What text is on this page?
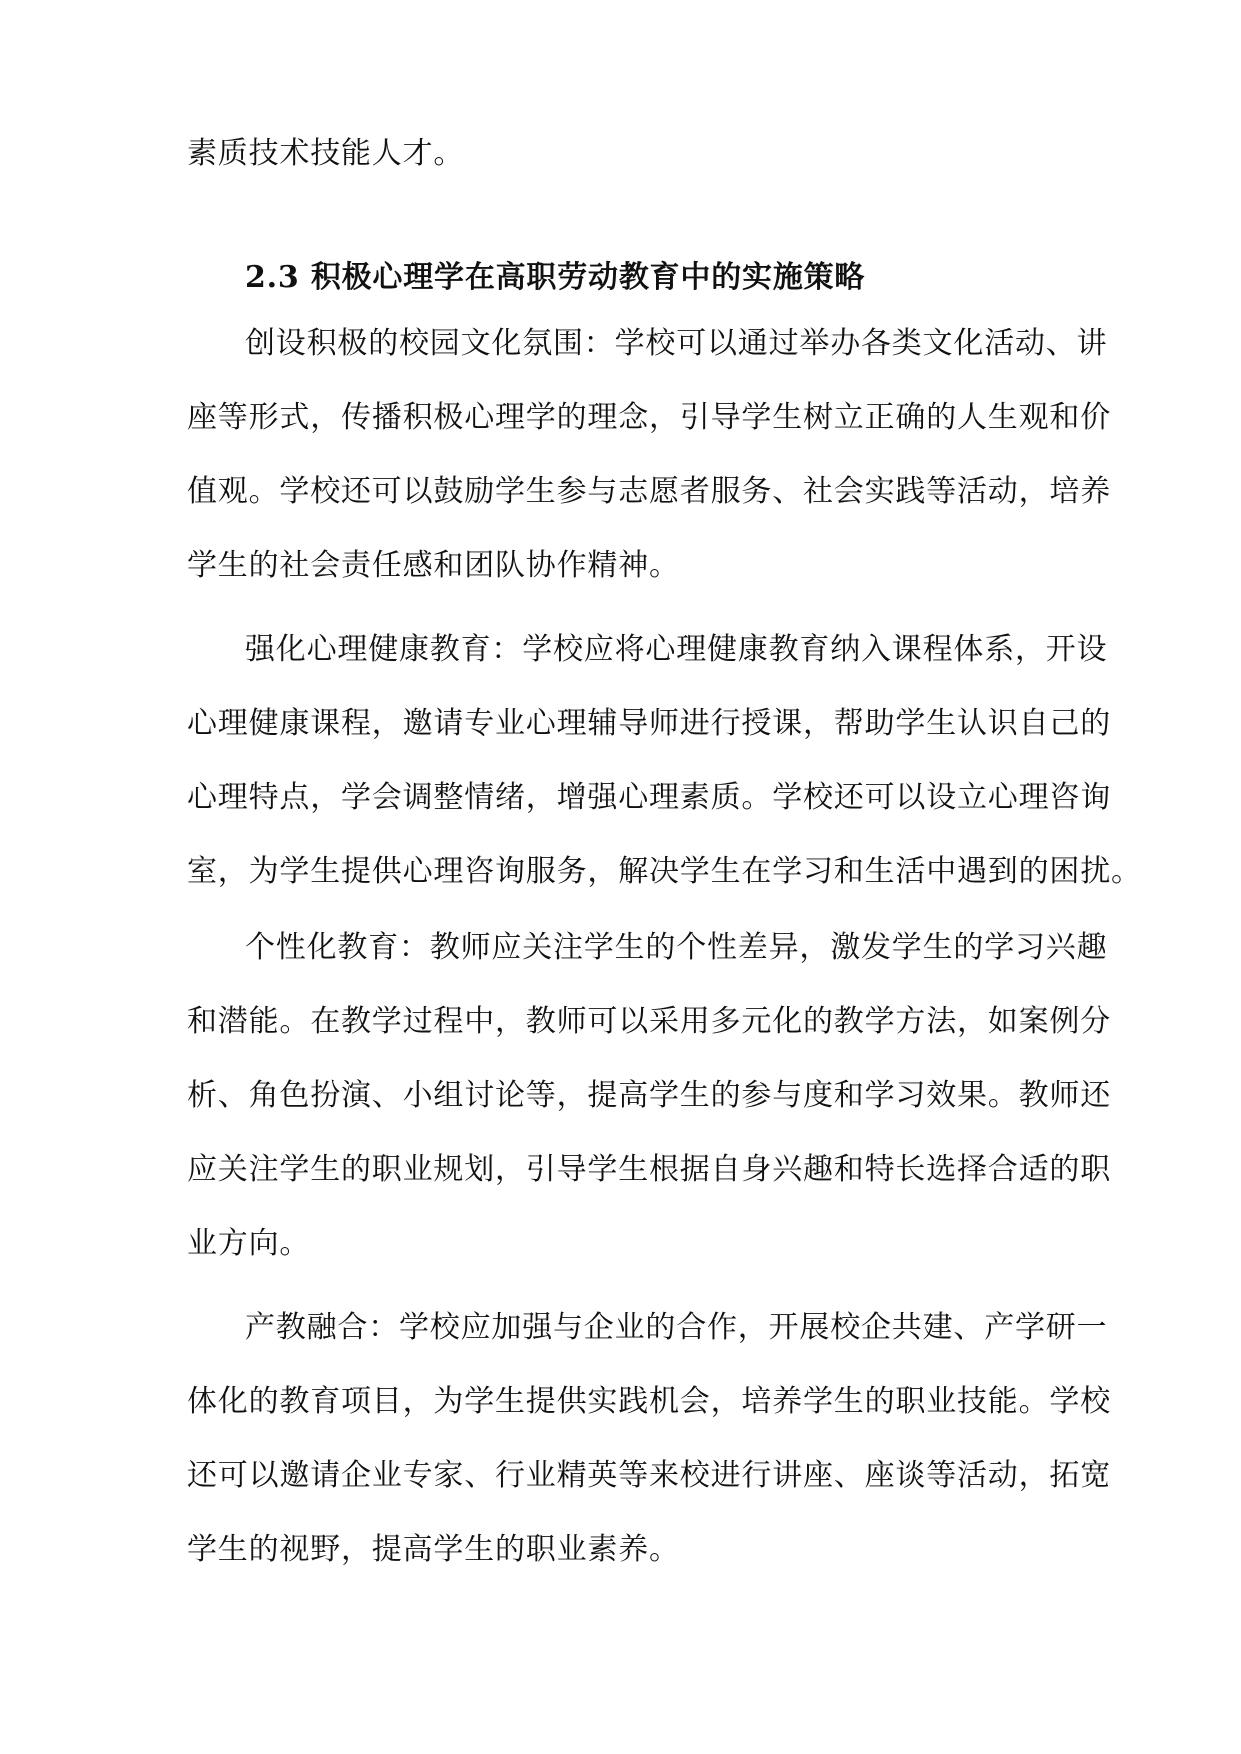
素质技术技能人才。
2.3 积极心理学在高职劳动教育中的实施策略
创设积极的校园文化氛围：学校可以通过举办各类文化活动、讲
座等形式，传播积极心理学的理念，引导学生树立正确的人生观和价
值观。学校还可以鼓励学生参与志愿者服务、社会实践等活动，培养
学生的社会责任感和团队协作精神。
强化心理健康教育：学校应将心理健康教育纳入课程体系，开设
心理健康课程，邀请专业心理辅导师进行授课，帮助学生认识自己的
心理特点，学会调整情绪，增强心理素质。学校还可以设立心理咨询
室，为学生提供心理咨询服务，解决学生在学习和生活中遇到的困扰。
个性化教育：教师应关注学生的个性差异，激发学生的学习兴趣
和潜能。在教学过程中，教师可以采用多元化的教学方法，如案例分
析、角色扮演、小组讨论等，提高学生的参与度和学习效果。教师还
应关注学生的职业规划，引导学生根据自身兴趣和特长选择合适的职
业方向。
产教融合：学校应加强与企业的合作，开展校企共建、产学研一
体化的教育项目，为学生提供实践机会，培养学生的职业技能。学校
还可以邀请企业专家、行业精英等来校进行讲座、座谈等活动，拓宽
学生的视野，提高学生的职业素养。
